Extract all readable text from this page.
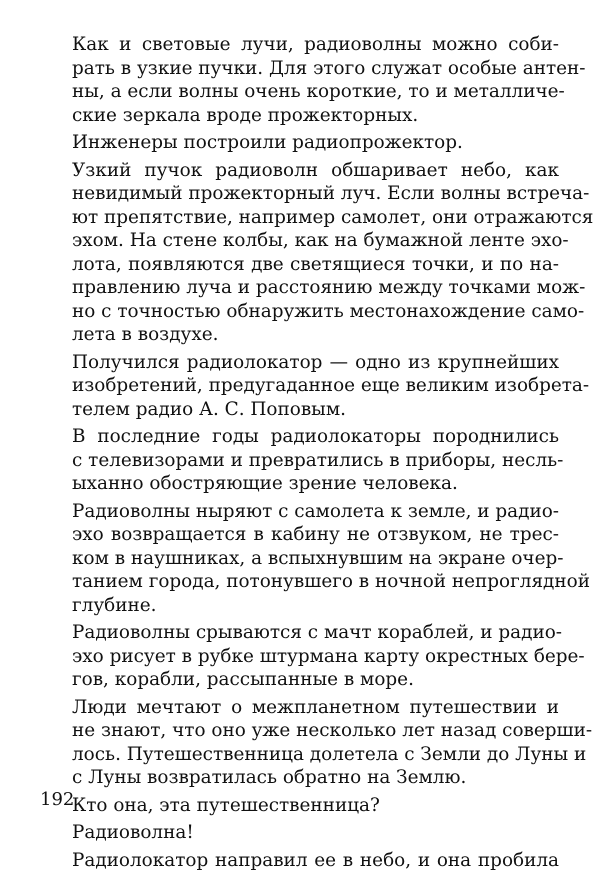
Как и световые лучи, радиоволны можно соби-
рать в узкие пучки. Для этого служат особые антен-
ны, а если волны очень короткие, то и металличе-
ские зеркала вроде прожекторных.

Инженеры построили радиопрожектор.

Узкий пучок радиоволн обшаривает небо, как
невидимый прожекторный луч. Если волны встреча-
ют препятствие, например самолет, они отражаются
эхом. На стене колбы, как на бумажной ленте эхо-
лота, появляются две светящиеся точки, и по на-
правлению луча и расстоянию между точками мож-
но с точностью обнаружить местонахождение само-
лета в воздухе.

Получился радиолокатор — одно из крупнейших
изобретений, предугаданное еще великим изобрета-
телем радио А. С. Поповым.

В последние годы радиолокаторы породнились
с телевизорами и превратились в приборы, несль-
ыханно обостряющие зрение человека.

Радиоволны ныряют с самолета к земле, и радио-
эхо возвращается в кабину не отзвуком, не трес-
ком в наушниках, а вспыхнувшим на экране очер-
танием города, потонувшего в ночной непроглядной
глубине.

Радиоволны срываются с мачт кораблей, и радио-
эхо рисует в рубке штурмана карту окрестных бере-
гов, корабли, рассыпанные в море.

Люди мечтают о межпланетном путешествии и
не знают, что оно уже несколько лет назад соверши-
лось. Путешественница долетела с Земли до Луны и
с Луны возвратилась обратно на Землю.

Кто она, эта путешественница?

Радиоволна!

Радиолокатор направил ее в небо, и она пробила

192
